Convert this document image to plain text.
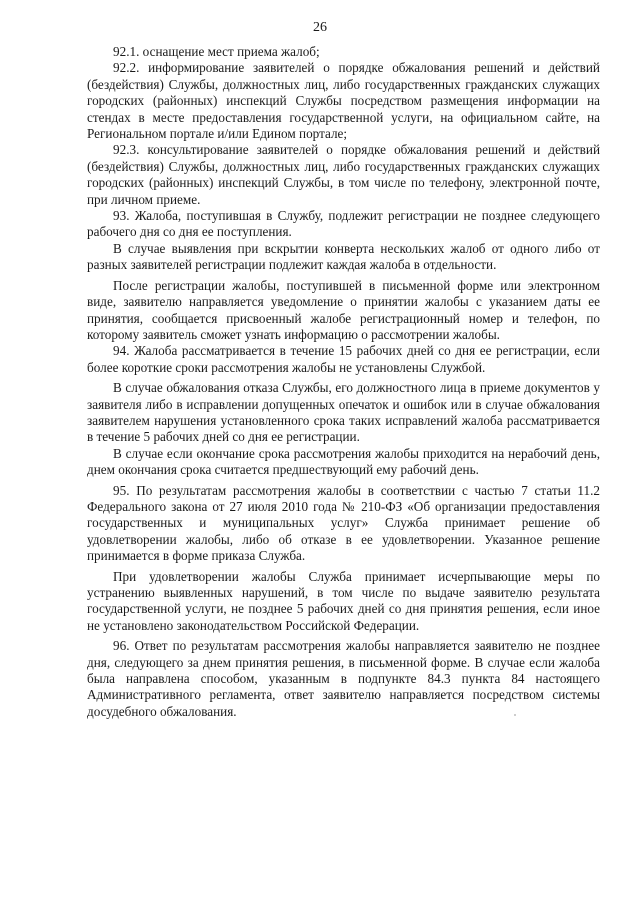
26

92.1. оснащение мест приема жалоб;

92.2. информирование заявителей о порядке обжалования решений и действий (бездействия) Службы, должностных лиц, либо государственных гражданских служащих городских (районных) инспекций Службы посредством размещения информации на стендах в месте предоставления государственной услуги, на официальном сайте, на Региональном портале и/или Едином портале;

92.3. консультирование заявителей о порядке обжалования решений и действий (бездействия) Службы, должностных лиц, либо государственных гражданских служащих городских (районных) инспекций Службы, в том числе по телефону, электронной почте, при личном приеме.

93. Жалоба, поступившая в Службу, подлежит регистрации не позднее следующего рабочего дня со дня ее поступления.

В случае выявления при вскрытии конверта нескольких жалоб от одного либо от разных заявителей регистрации подлежит каждая жалоба в отдельности.

После регистрации жалобы, поступившей в письменной форме или электронном виде, заявителю направляется уведомление о принятии жалобы с указанием даты ее принятия, сообщается присвоенный жалобе регистрационный номер и телефон, по которому заявитель сможет узнать информацию о рассмотрении жалобы.

94. Жалоба рассматривается в течение 15 рабочих дней со дня ее регистрации, если более короткие сроки рассмотрения жалобы не установлены Службой.

В случае обжалования отказа Службы, его должностного лица в приеме документов у заявителя либо в исправлении допущенных опечаток и ошибок или в случае обжалования заявителем нарушения установленного срока таких исправлений жалоба рассматривается в течение 5 рабочих дней со дня ее регистрации.

В случае если окончание срока рассмотрения жалобы приходится на нерабочий день, днем окончания срока считается предшествующий ему рабочий день.

95. По результатам рассмотрения жалобы в соответствии с частью 7 статьи 11.2 Федерального закона от 27 июля 2010 года № 210-ФЗ «Об организации предоставления государственных и муниципальных услуг» Служба принимает решение об удовлетворении жалобы, либо об отказе в ее удовлетворении. Указанное решение принимается в форме приказа Служба.

При удовлетворении жалобы Служба принимает исчерпывающие меры по устранению выявленных нарушений, в том числе по выдаче заявителю результата государственной услуги, не позднее 5 рабочих дней со дня принятия решения, если иное не установлено законодательством Российской Федерации.

96. Ответ по результатам рассмотрения жалобы направляется заявителю не позднее дня, следующего за днем принятия решения, в письменной форме. В случае если жалоба была направлена способом, указанным в подпункте 84.3 пункта 84 настоящего Административного регламента, ответ заявителю направляется посредством системы досудебного обжалования.
